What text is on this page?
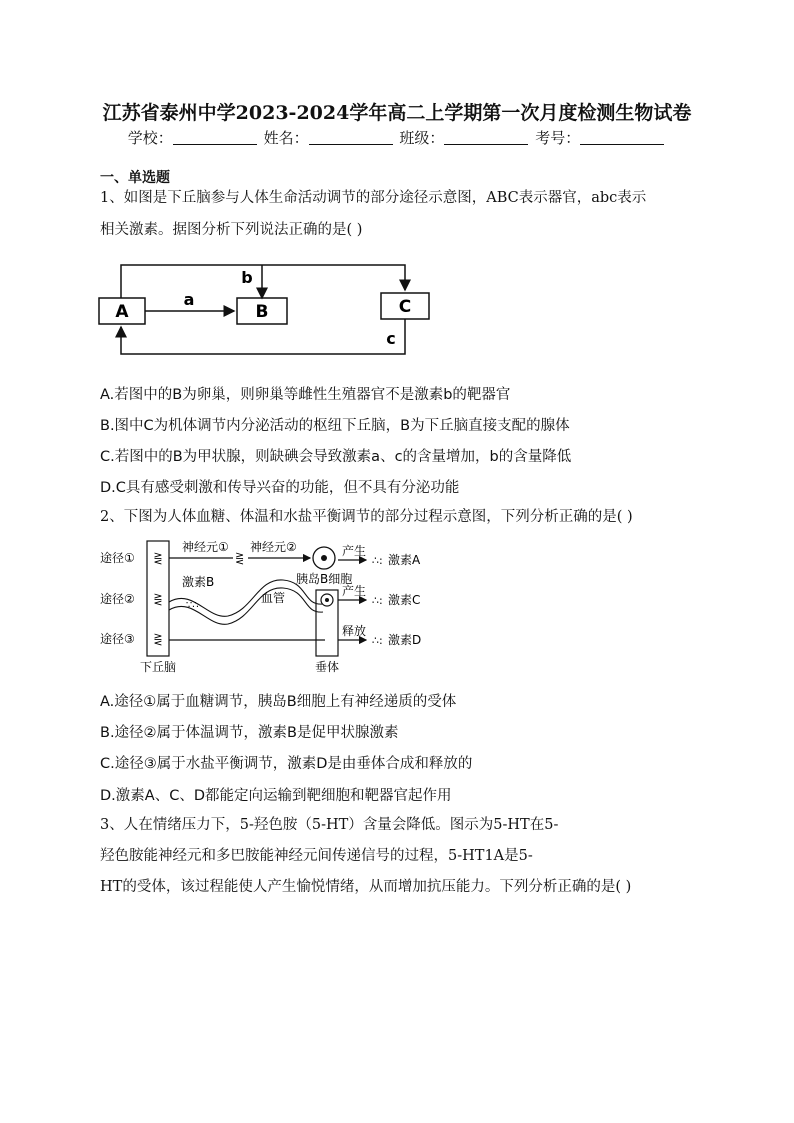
江苏省泰州中学2023-2024学年高二上学期第一次月度检测生物试卷
学校：	姓名：	班级：	考号：
一、单选题
1、如图是下丘脑参与人体生命活动调节的部分途径示意图，ABC表示器官，abc表示
相关激素。据图分析下列说法正确的是( )
A
a
B
b
C
c
A.若图中的B为卵巢，则卵巢等雌性生殖器官不是激素b的靶器官
B.图中C为机体调节内分泌活动的枢纽下丘脑，B为下丘脑直接支配的腺体
C.若图中的B为甲状腺，则缺碘会导致激素a、c的含量增加，b的含量降低
D.C具有感受刺激和传导兴奋的功能，但不具有分泌功能
2、下图为人体血糖、体温和水盐平衡调节的部分过程示意图，下列分析正确的是( )
途径①
途径②
途径③
下丘脑
⋛
⋛
⋛
⋛
神经元① 神经元②
胰岛B细胞
产生
∴: 激素A
∵∴
激素B
血管
垂体
产生
∴: 激素C
释放
∴: 激素D
A.途径①属于血糖调节，胰岛B细胞上有神经递质的受体
B.途径②属于体温调节，激素B是促甲状腺激素
C.途径③属于水盐平衡调节，激素D是由垂体合成和释放的
D.激素A、C、D都能定向运输到靶细胞和靶器官起作用
3、人在情绪压力下，5-羟色胺（5-HT）含量会降低。图示为5-HT在5-
羟色胺能神经元和多巴胺能神经元间传递信号的过程，5-HT1A是5-
HT的受体，该过程能使人产生愉悦情绪，从而增加抗压能力。下列分析正确的是( )
